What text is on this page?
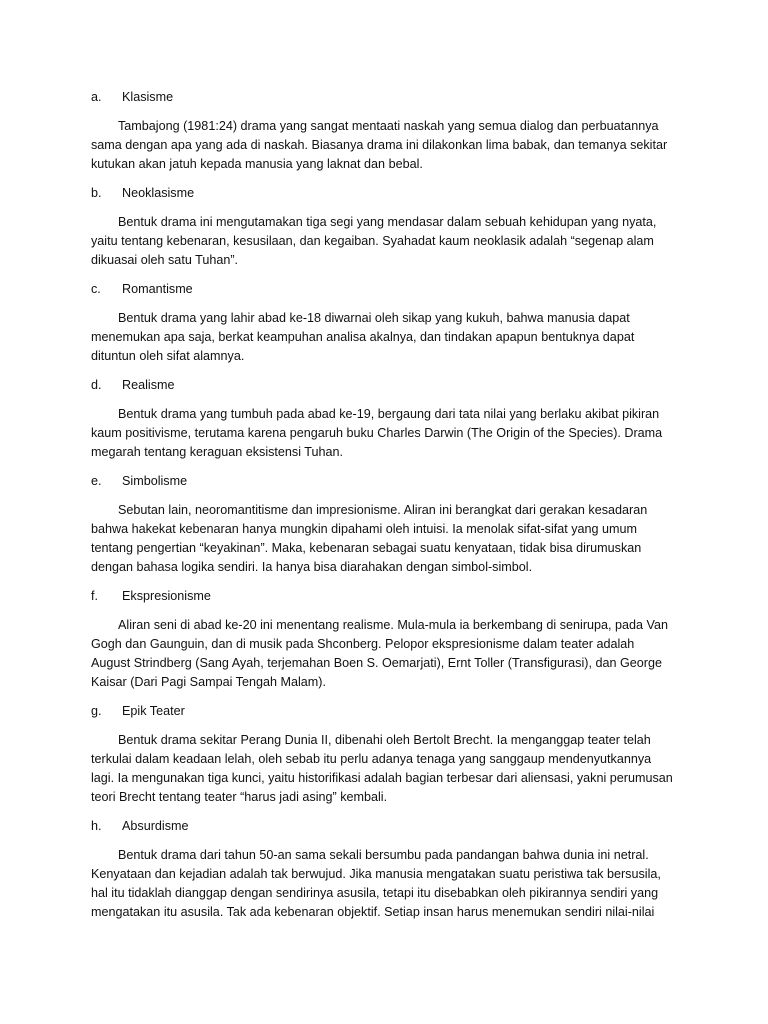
a.	Klasisme

Tambajong (1981:24) drama yang sangat mentaati naskah yang semua dialog dan perbuatannya sama dengan apa yang ada di naskah. Biasanya drama ini dilakonkan lima babak, dan temanya sekitar kutukan akan jatuh kepada manusia yang laknat dan bebal.

b.	Neoklasisme

Bentuk drama ini mengutamakan tiga segi yang mendasar dalam sebuah kehidupan yang nyata, yaitu tentang kebenaran, kesusilaan, dan kegaiban. Syahadat kaum neoklasik adalah “segenap alam dikuasai oleh satu Tuhan”.

c.	Romantisme

Bentuk drama yang lahir abad ke-18 diwarnai oleh sikap yang kukuh, bahwa manusia dapat menemukan apa saja, berkat keampuhan analisa akalnya, dan tindakan apapun bentuknya dapat dituntun oleh sifat alamnya.

d.	Realisme

Bentuk drama yang tumbuh pada abad ke-19, bergaung dari tata nilai yang berlaku akibat pikiran kaum positivisme, terutama karena pengaruh buku Charles Darwin (The Origin of the Species). Drama megarah tentang keraguan eksistensi Tuhan.

e.	Simbolisme

Sebutan lain, neoromantitisme dan impresionisme. Aliran ini berangkat dari gerakan kesadaran bahwa hakekat kebenaran hanya mungkin dipahami oleh intuisi. Ia menolak sifat-sifat yang umum tentang pengertian “keyakinan”. Maka, kebenaran sebagai suatu kenyataan, tidak bisa dirumuskan dengan bahasa logika sendiri. Ia hanya bisa diarahakan dengan simbol-simbol.

f.	Ekspresionisme

Aliran seni di abad ke-20 ini menentang realisme. Mula-mula ia berkembang di senirupa, pada Van Gogh dan Gaunguin, dan di musik pada Shconberg. Pelopor ekspresionisme dalam teater adalah August Strindberg (Sang Ayah, terjemahan Boen S. Oemarjati), Ernt Toller (Transfigurasi), dan George Kaisar (Dari Pagi Sampai Tengah Malam).

g.	Epik Teater

Bentuk drama sekitar Perang Dunia II, dibenahi oleh Bertolt Brecht. Ia menganggap teater telah terkulai dalam keadaan lelah, oleh sebab itu perlu adanya tenaga yang sanggaup mendenyutkannya lagi. Ia mengunakan tiga kunci, yaitu historifikasi adalah bagian terbesar dari aliensasi, yakni perumusan teori Brecht tentang teater “harus jadi asing” kembali.

h.	Absurdisme

Bentuk drama dari tahun 50-an sama sekali bersumbu pada pandangan bahwa dunia ini netral. Kenyataan dan kejadian adalah tak berwujud. Jika manusia mengatakan suatu peristiwa tak bersusila, hal itu tidaklah dianggap dengan sendirinya asusila, tetapi itu disebabkan oleh pikirannya sendiri yang mengatakan itu asusila. Tak ada kebenaran objektif. Setiap insan harus menemukan sendiri nilai-nilai
